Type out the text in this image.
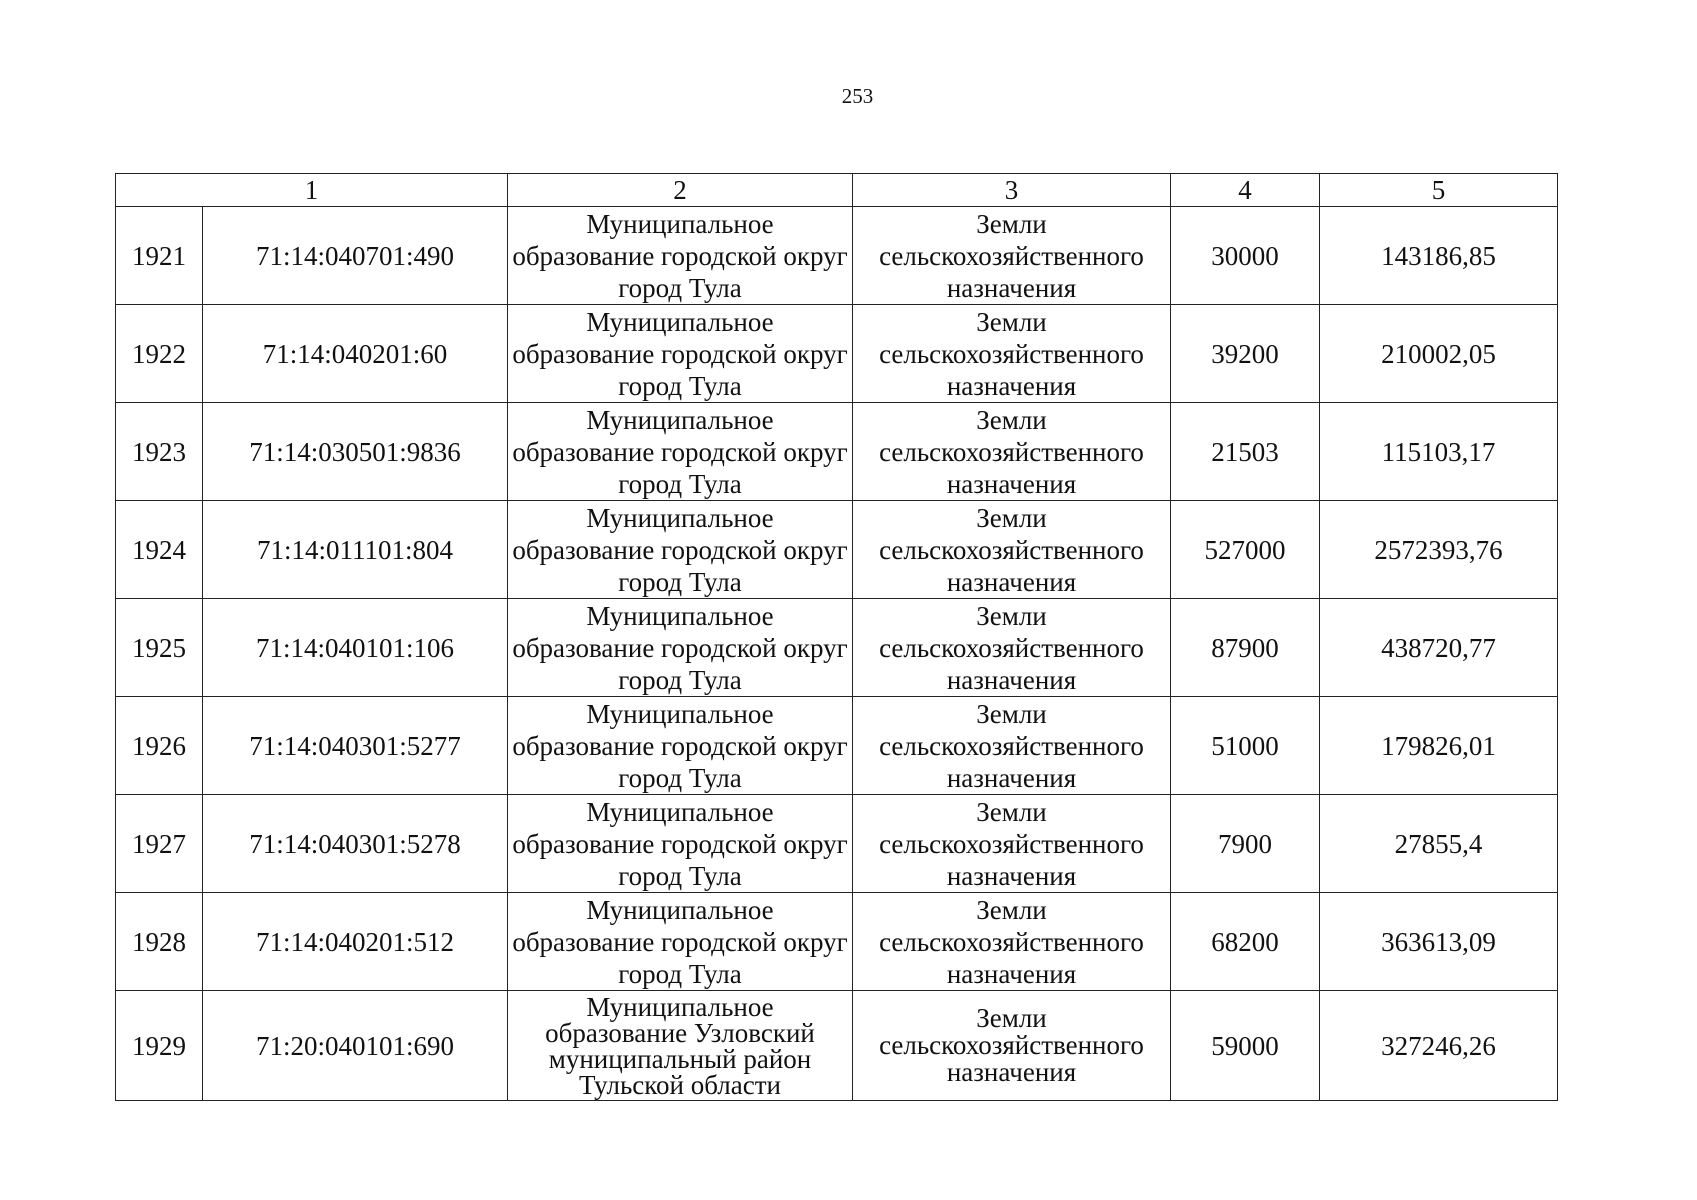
253
1		2	3	4	5
1921	71:14:040701:490	Муниципальное образование городской округ город Тула	Земли сельскохозяйственного назначения	30000	143186,85
1922	71:14:040201:60	Муниципальное образование городской округ город Тула	Земли сельскохозяйственного назначения	39200	210002,05
1923	71:14:030501:9836	Муниципальное образование городской округ город Тула	Земли сельскохозяйственного назначения	21503	115103,17
1924	71:14:011101:804	Муниципальное образование городской округ город Тула	Земли сельскохозяйственного назначения	527000	2572393,76
1925	71:14:040101:106	Муниципальное образование городской округ город Тула	Земли сельскохозяйственного назначения	87900	438720,77
1926	71:14:040301:5277	Муниципальное образование городской округ город Тула	Земли сельскохозяйственного назначения	51000	179826,01
1927	71:14:040301:5278	Муниципальное образование городской округ город Тула	Земли сельскохозяйственного назначения	7900	27855,4
1928	71:14:040201:512	Муниципальное образование городской округ город Тула	Земли сельскохозяйственного назначения	68200	363613,09
1929	71:20:040101:690	Муниципальное образование Узловский муниципальный район Тульской области	Земли сельскохозяйственного назначения	59000	327246,26
